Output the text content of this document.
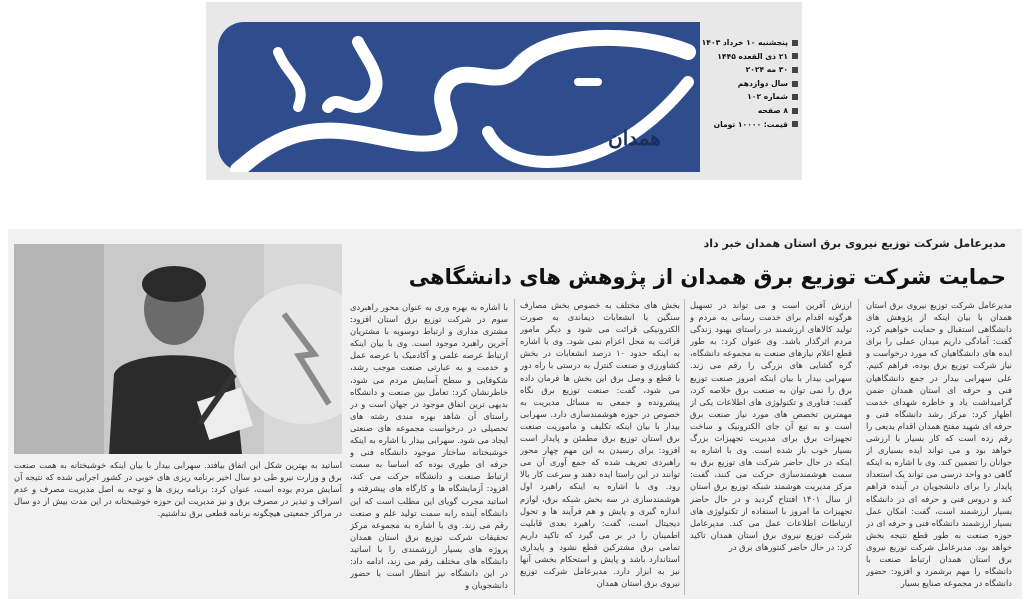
همدان
پنجشنبه ۱۰ خرداد ۱۴۰۳
۲۱ ذی القعده ۱۴۴۵
۳۰ مه ۲۰۲۴
سال دوازدهم
شماره ۱۰۲
۸ صفحه
قیمت: ۱۰۰۰۰ تومان
مدیرعامل شرکت توزیع نیروی برق استان همدان خبر داد
حمایت شرکت توزیع برق همدان از پژوهش های دانشگاهی

مدیرعامل شرکت توزیع نیروی برق استان همدان با بیان اینکه از پژوهش های دانشگاهی استقبال و حمایت خواهیم کرد، گفت: آمادگی داریم میدان عملی را برای ایده های دانشگاهیان که مورد درخواست و نیاز شرکت توزیع برق بوده، فراهم کنیم. علی سهرابی بیدار در جمع دانشگاهیان فنی و حرفه ای استان همدان ضمن گرامیداشت یاد و خاطره شهدای خدمت اظهار کرد: مرکز رشد دانشگاه فنی و حرفه ای شهید مفتح همدان اقدام بدیعی را رقم زده است که کار بسیار با ارزشی خواهد بود و می تواند ایده بسیاری از جوانان را تضمین کند. وی با اشاره به اینکه گاهی دو واحد درسی می تواند یک استعداد پایدار را برای دانشجویان در آینده فراهم کند و دروس فنی و حرفه ای در دانشگاه بسیار ارزشمند است، گفت: امکان عمل بسیار ارزشمند دانشگاه فنی و حرفه ای در حوزه صنعت به طور قطع نتیجه بخش خواهد بود. مدیرعامل شرکت توزیع نیروی برق استان همدان ارتباط صنعت با دانشگاه را مهم برشمرد و افزود: حضور دانشگاه در مجموعه صنایع بسیار

ارزش آفرین است و می تواند در تسهیل هرگونه اقدام برای خدمت رسانی به مردم و تولید کالاهای ارزشمند در راستای بهبود زندگی مردم اثرگذار باشد. وی عنوان کرد: به طور قطع اعلام نیازهای صنعت به مجموعه دانشگاه، گره گشایی های بزرگی را رقم می زند. سهرابی بیدار با بیان اینکه امروز صنعت توزیع برق را نمی توان به صنعت برق خلاصه کرد، گفت: فناوری و تکنولوژی های اطلاعات یکی از مهمترین تخصص های مورد نیاز صنعت برق است و به تبع آن جای الکترونیک و ساخت تجهیزات برق برای مدیریت تجهیزات بزرگ بسیار خوب باز شده است. وی با اشاره به اینکه در حال حاضر شرکت های توزیع برق به سمت هوشمندسازی حرکت می کنند، گفت: مرکز مدیریت هوشمند شبکه توزیع برق استان از سال ۱۴۰۱ افتتاح گردید و در حال حاضر تجهیزات ما امروز با استفاده از تکنولوژی های ارتباطات اطلاعات عمل می کند. مدیرعامل شرکت توزیع نیروی برق استان همدان تاکید کرد: در حال حاضر کنتورهای برق در

بخش های مختلف به خصوص بخش مصارف سنگین با انشعابات دیماندی به صورت الکترونیکی قرائت می شود و دیگر مامور قرائت به محل اعزام نمی شود. وی با اشاره به اینکه حدود ۱۰ درصد انشعابات در بخش کشاورزی و صنعت کنترل به درستی با راه دور با قطع و وصل برق این بخش ها فرمان داده می شود، گفت: صنعت توزیع برق نگاه پیشرونده و جمعی به مسائل مدیریت به خصوص در حوزه هوشمندسازی دارد. سهرابی بیدار با بیان اینکه تکلیف و ماموریت صنعت برق استان توزیع برق مطمئن و پایدار است افزود: برای رسیدن به این مهم چهار محور راهبردی تعریف شده که جمع آوری آن می توانند در این راستا ایده دهند و سرعت کار بالا رود. وی با اشاره به اینکه راهبرد اول هوشمندسازی در سه بخش شبکه برق، لوازم اندازه گیری و پایش و هم فرآیند ها و تحول دیجیتال است، گفت: راهبرد بعدی قابلیت اطمینان را در بر می گیرد که تاکید داریم تمامی برق مشترکین قطع نشود و پایداری استاندارد باشد و پایش و استحکام بخشی آنها نیز به ابزار دارد. مدیرعامل شرکت توزیع نیروی برق استان همدان

با اشاره به بهره وری به عنوان محور راهبردی سوم در شرکت توزیع برق استان افزود: مشتری مداری و ارتباط دوسویه با مشتریان آخرین راهبرد موجود است. وی با بیان اینکه ارتباط عرصه علمی و آکادمیک با عرصه عمل و خدمت و به عبارتی صنعت موجب رشد، شکوفایی و سطح آسایش مردم می شود، خاطرنشان کرد: تعامل بین صنعت و دانشگاه بدیهی ترین اتفاق موجود در جهان است و در راستای آن شاهد بهره مندی رشته های تحصیلی در درخواست مجموعه های صنعتی ایجاد می شود. سهرابی بیدار با اشاره به اینکه خوشبختانه ساختار موجود دانشگاه فنی و حرفه ای طوری بوده که اساسا به سمت ارتباط صنعت و دانشگاه حرکت می کند، افزود: آزمایشگاه ها و کارگاه های پیشرفته و اساتید مجرب گویای این مطلب است که این دانشگاه آینده رابه سمت تولید علم و صنعت رقم می زند. وی با اشاره به مجموعه مرکز تحقیقات شرکت توزیع برق استان همدان پروژه های بسیار ارزشمندی را با اساتید دانشگاه های مختلف رقم می زند، ادامه داد: در این دانشگاه نیز انتظار است با حضور دانشجویان و

اساتید به بهترین شکل این اتفاق بیافتد. سهرابی بیدار با بیان اینکه خوشبختانه به همت صنعت برق و وزارت نیرو طی دو سال اخیر برنامه ریزی های خوبی در کشور اجرایی شده که نتیجه آن آسایش مردم بوده است، عنوان کرد: برنامه ریزی ها و توجه به اصل مدیریت مصرف و عدم اسراف و تبذیر در مصرف برق و نیز مدیریت این حوزه خوشبختانه در این مدت بیش از دو سال در مراکز جمعیتی هیچگونه برنامه قطعی برق نداشتیم.
